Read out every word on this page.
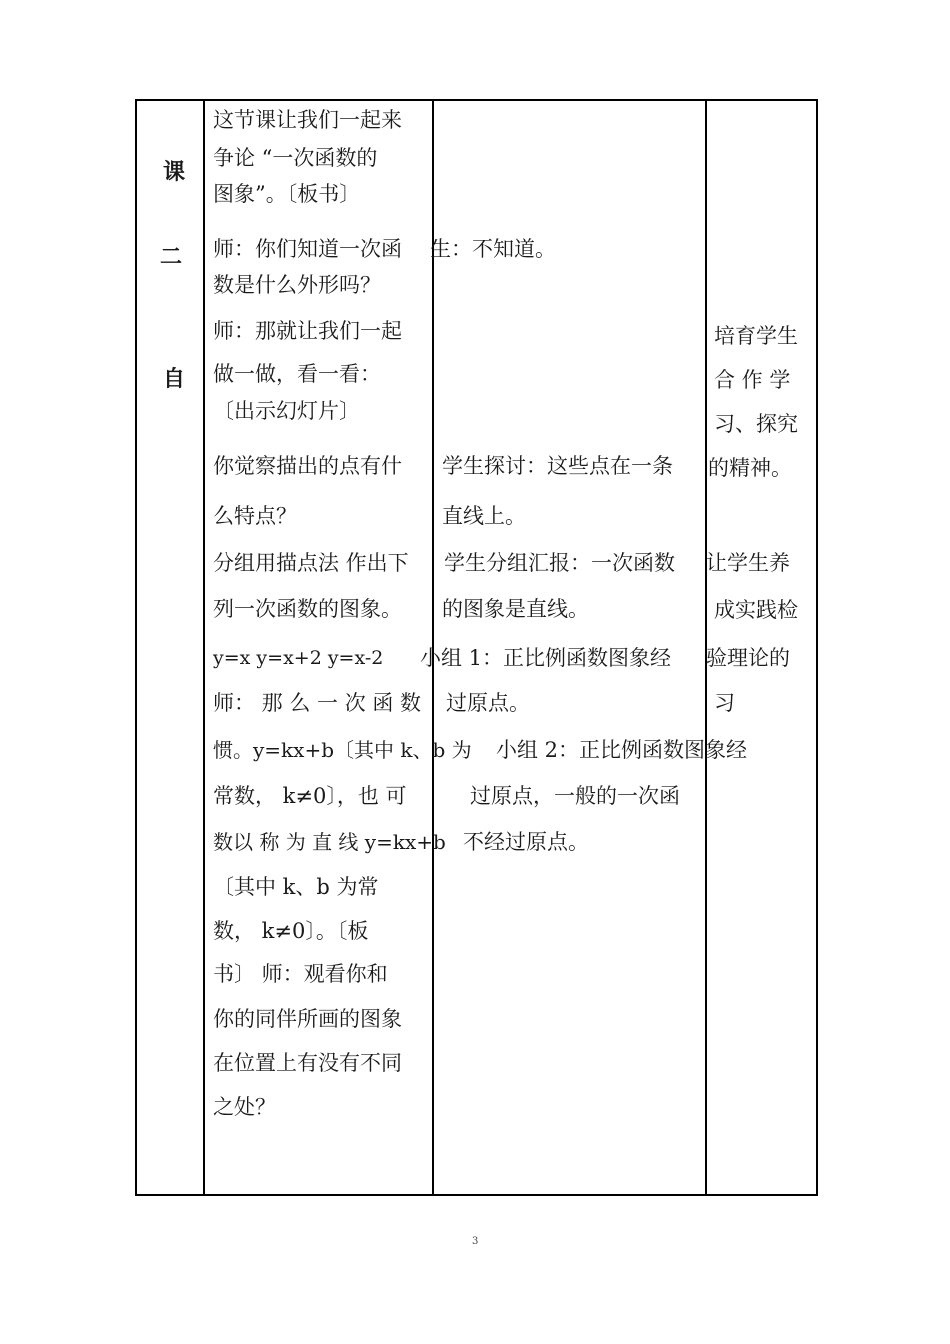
课
二
自
这节课让我们一起来
争论 “一次函数的
图象”。〔板书〕
师：你们知道一次函
数是什么外形吗？
师：那就让我们一起
做一做，看一看：
〔出示幻灯片〕
你觉察描出的点有什
么特点？
分组用描点法 作出下
列一次函数的图象。
y=x y=x+2 y=x-2
师： 那 么 一 次 函 数
惯。y=kx+b〔其中 k、b 为
常数， k≠0〕，也 可
数以 称 为 直 线 y=kx+b
〔其中 k、b 为常
数， k≠0〕。〔板
书〕 师：观看你和
你的同伴所画的图象
在位置上有没有不同
之处？
生：不知道。
学生探讨：这些点在一条
直线上。
学生分组汇报：一次函数
的图象是直线。
小组 1：正比例函数图象经
过原点。
小组 2：正比例函数图象经
过原点，一般的一次函
不经过原点。
培育学生
合 作 学
习、探究
的精神。
让学生养
成实践检
验理论的
习
3
